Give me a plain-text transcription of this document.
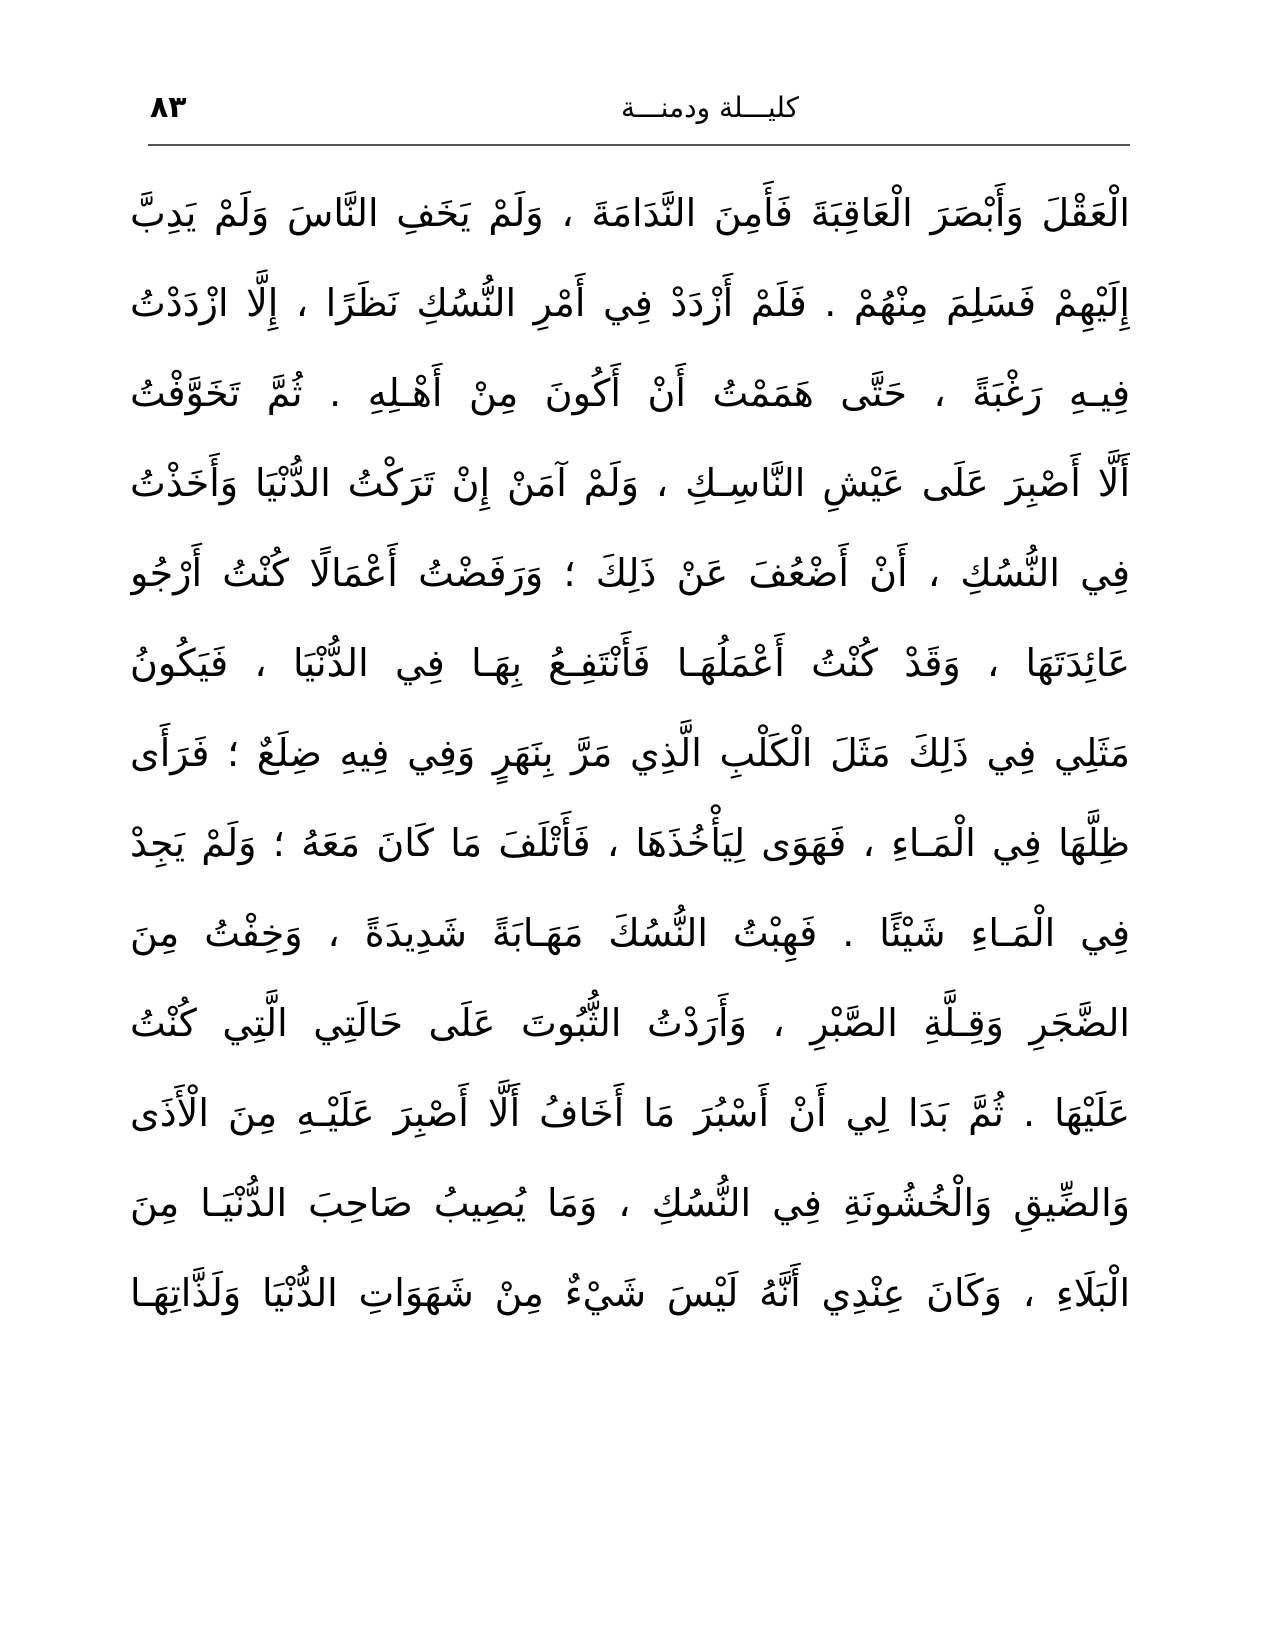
٨٣	كليـــلة ودمنـــة
الْعَقْلَ وَأَبْصَرَ الْعَاقِبَةَ فَأَمِنَ النَّدَامَةَ ، وَلَمْ يَخَفِ النَّاسَ وَلَمْ يَدِبَّ
إِلَيْهِمْ فَسَلِمَ مِنْهُمْ . فَلَمْ أَزْدَدْ فِي أَمْرِ النُّسُكِ نَظَرًا ، إِلَّا ازْدَدْتُ
فِيـهِ رَغْبَةً ، حَتَّى هَمَمْتُ أَنْ أَكُونَ مِنْ أَهْـلِهِ . ثُمَّ تَخَوَّفْتُ
أَلَّا أَصْبِرَ عَلَى عَيْشِ النَّاسِـكِ ، وَلَمْ آمَنْ إِنْ تَرَكْتُ الدُّنْيَا وَأَخَذْتُ
فِي النُّسُكِ ، أَنْ أَضْعُفَ عَنْ ذَلِكَ ؛ وَرَفَضْتُ أَعْمَالًا كُنْتُ أَرْجُو
عَائِدَتَهَا ، وَقَدْ كُنْتُ أَعْمَلُهَـا فَأَنْتَفِـعُ بِهَـا فِي الدُّنْيَا ، فَيَكُونُ
مَثَلِي فِي ذَلِكَ مَثَلَ الْكَلْبِ الَّذِي مَرَّ بِنَهَرٍ وَفِي فِيهِ ضِلَعٌ ؛ فَرَأَى
ظِلَّهَا فِي الْمَـاءِ ، فَهَوَى لِيَأْخُذَهَا ، فَأَتْلَفَ مَا كَانَ مَعَهُ ؛ وَلَمْ يَجِدْ
فِي الْمَـاءِ شَيْئًا . فَهِبْتُ النُّسُكَ مَهَـابَةً شَدِيدَةً ، وَخِفْتُ مِنَ
الضَّجَرِ وَقِـلَّةِ الصَّبْرِ ، وَأَرَدْتُ الثُّبُوتَ عَلَى حَالَتِي الَّتِي كُنْتُ
عَلَيْهَا . ثُمَّ بَدَا لِي أَنْ أَسْبُرَ مَا أَخَافُ أَلَّا أَصْبِرَ عَلَيْـهِ مِنَ الْأَذَى
وَالضِّيقِ وَالْخُشُونَةِ فِي النُّسُكِ ، وَمَا يُصِيبُ صَاحِبَ الدُّنْيَـا مِنَ
الْبَلَاءِ ، وَكَانَ عِنْدِي أَنَّهُ لَيْسَ شَيْءٌ مِنْ شَهَوَاتِ الدُّنْيَا وَلَذَّاتِهَـا
